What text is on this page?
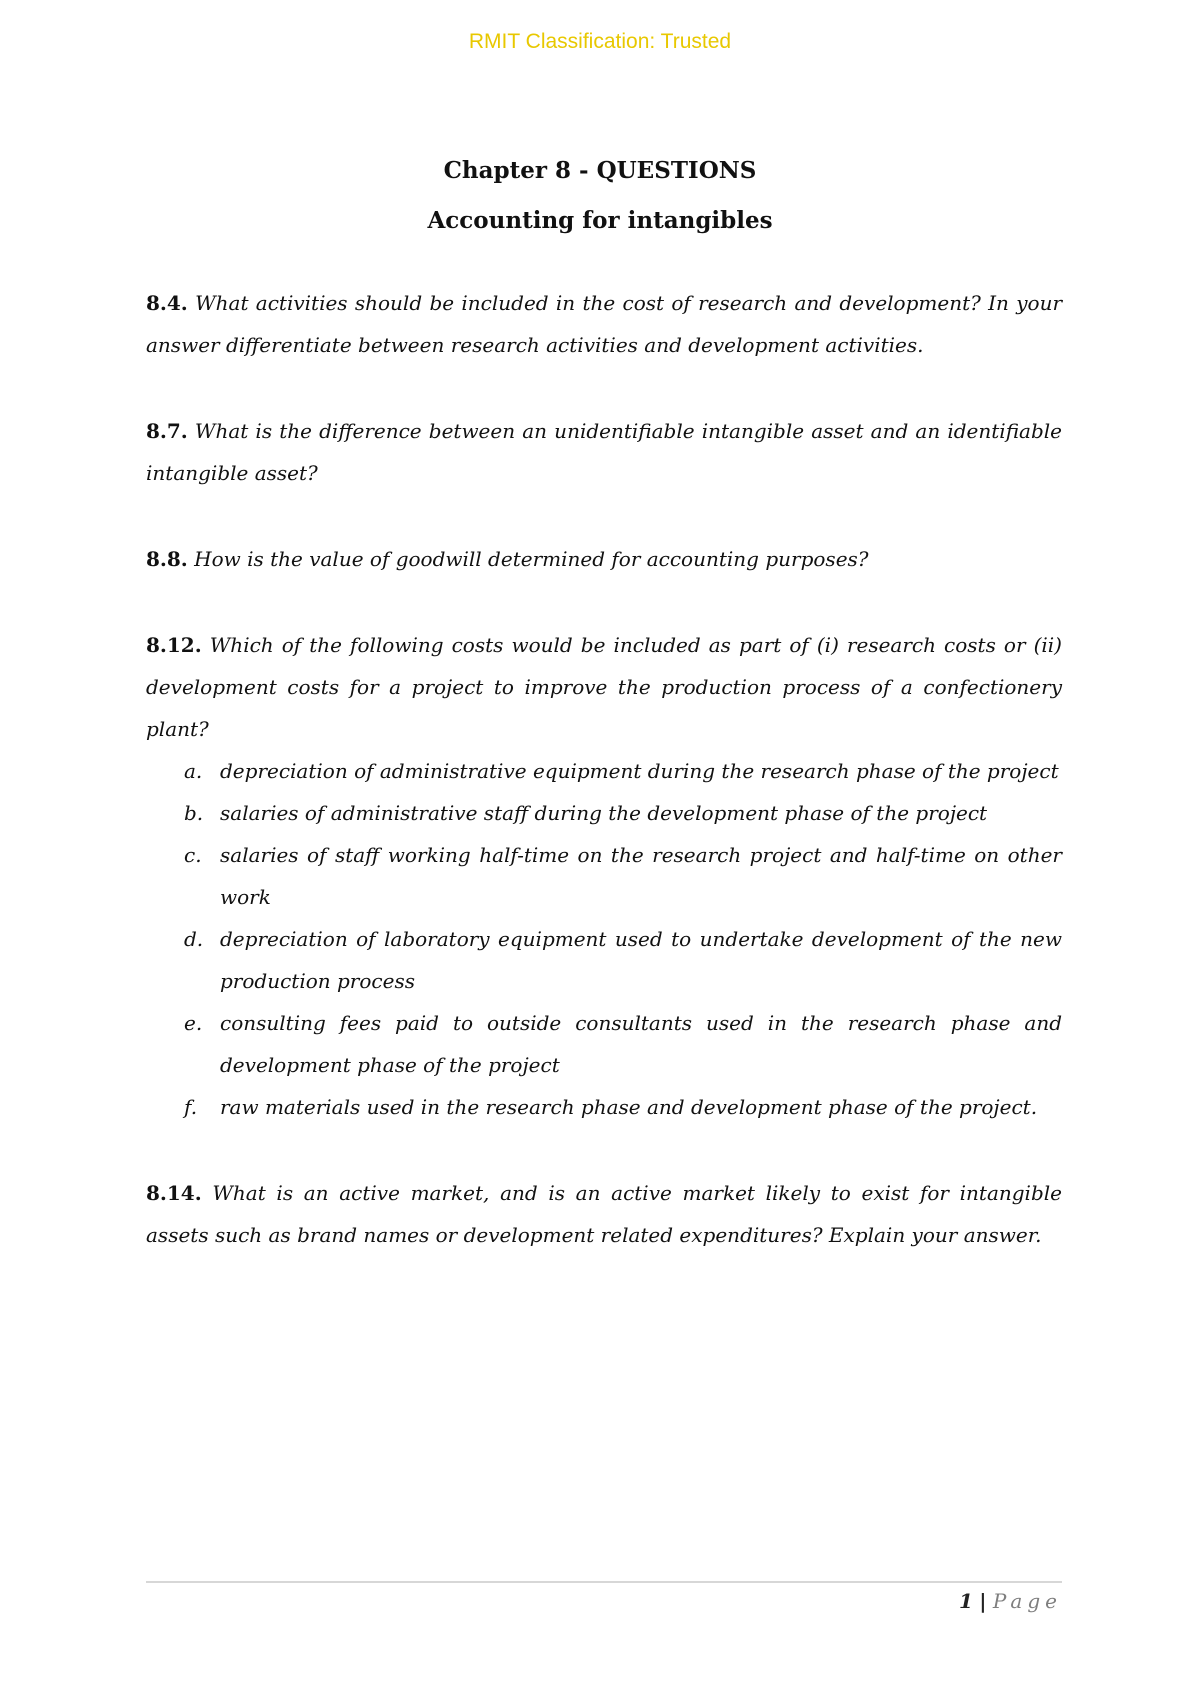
RMIT Classification: Trusted
Chapter 8 - QUESTIONS
Accounting for intangibles

8.4. What activities should be included in the cost of research and development? In your answer differentiate between research activities and development activities.

8.7. What is the difference between an unidentifiable intangible asset and an identifiable intangible asset?

8.8. How is the value of goodwill determined for accounting purposes?

8.12. Which of the following costs would be included as part of (i) research costs or (ii) development costs for a project to improve the production process of a confectionery plant?
a. depreciation of administrative equipment during the research phase of the project
b. salaries of administrative staff during the development phase of the project
c. salaries of staff working half-time on the research project and half-time on other work
d. depreciation of laboratory equipment used to undertake development of the new production process
e. consulting fees paid to outside consultants used in the research phase and development phase of the project
f. raw materials used in the research phase and development phase of the project.

8.14. What is an active market, and is an active market likely to exist for intangible assets such as brand names or development related expenditures? Explain your answer.

1 | Page
